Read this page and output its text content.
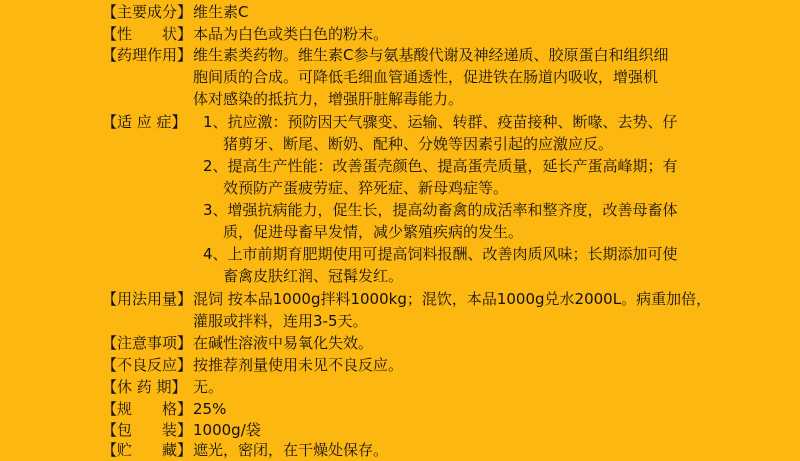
【主要成分】 维生素C
【性　　状】 本品为白色或类白色的粉末。
【药理作用】 维生素类药物。维生素C参与氨基酸代谢及神经递质、胶原蛋白和组织细
胞间质的合成。可降低毛细血管通透性，促进铁在肠道内吸收，增强机
体对感染的抵抗力，增强肝脏解毒能力。
【适 应 症】	1、抗应激：预防因天气骤变、运输、转群、疫苗接种、断喙、去势、仔
猪剪牙、断尾、断奶、配种、分娩等因素引起的应激应反。
2、提高生产性能：改善蛋壳颜色、提高蛋壳质量，延长产蛋高峰期；有
效预防产蛋疲劳症、猝死症、新母鸡症等。
3、增强抗病能力，促生长，提高幼畜禽的成活率和整齐度，改善母畜体
质，促进母畜早发情，减少繁殖疾病的发生。
4、上市前期育肥期使用可提高饲料报酬、改善肉质风味；长期添加可使
畜禽皮肤红润、冠髯发红。
【用法用量】 混饲 按本品1000g拌料1000kg；混饮，本品1000g兑水2000L。病重加倍，
灌服或拌料，连用3-5天。
【注意事项】 在碱性溶液中易氧化失效。
【不良反应】 按推荐剂量使用未见不良反应。
【休 药 期】 无。
【规　　格】 25%
【包　　装】 1000g/袋
【贮　　藏】 遮光，密闭，在干燥处保存。
